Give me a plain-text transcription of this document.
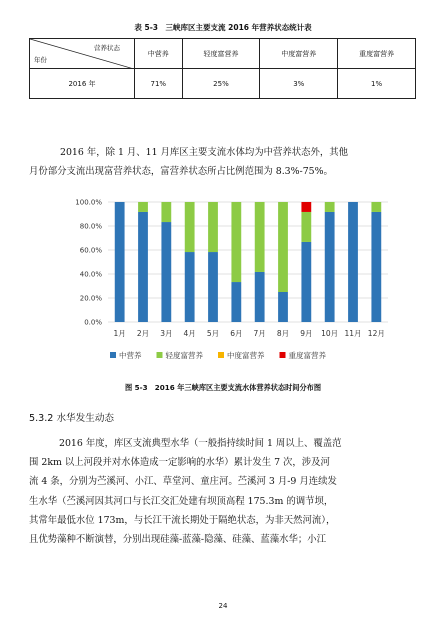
表 5-3　三峡库区主要支流 2016 年营养状态统计表
营养状态
年份	中营养	轻度富营养	中度富营养	重度富营养
2016 年	71%	25%	3%	1%
2016 年，除 1 月、11 月库区主要支流水体均为中营养状态外，其他
月份部分支流出现富营养状态，富营养状态所占比例范围为 8.3%-75%。
0.0%
20.0%
40.0%
60.0%
80.0%
100.0%
1月 2月 3月 4月 5月 6月 7月 8月 9月 10月 11月 12月
中营养	轻度富营养	中度富营养	重度富营养
图 5-3　2016 年三峡库区主要支流水体营养状态时间分布图
5.3.2 水华发生动态
2016 年度，库区支流典型水华（一般指持续时间 1 周以上、覆盖范
围 2km 以上河段并对水体造成一定影响的水华）累计发生 7 次，涉及河
流 4 条，分别为苎溪河、小江、草堂河、童庄河。苎溪河 3 月-9 月连续发
生水华（苎溪河因其河口与长江交汇处建有坝顶高程 175.3m 的调节坝，
其常年最低水位 173m，与长江干流长期处于隔绝状态，为非天然河流），
且优势藻种不断演替，分别出现硅藻-蓝藻-隐藻、硅藻、蓝藻水华；小江
24
